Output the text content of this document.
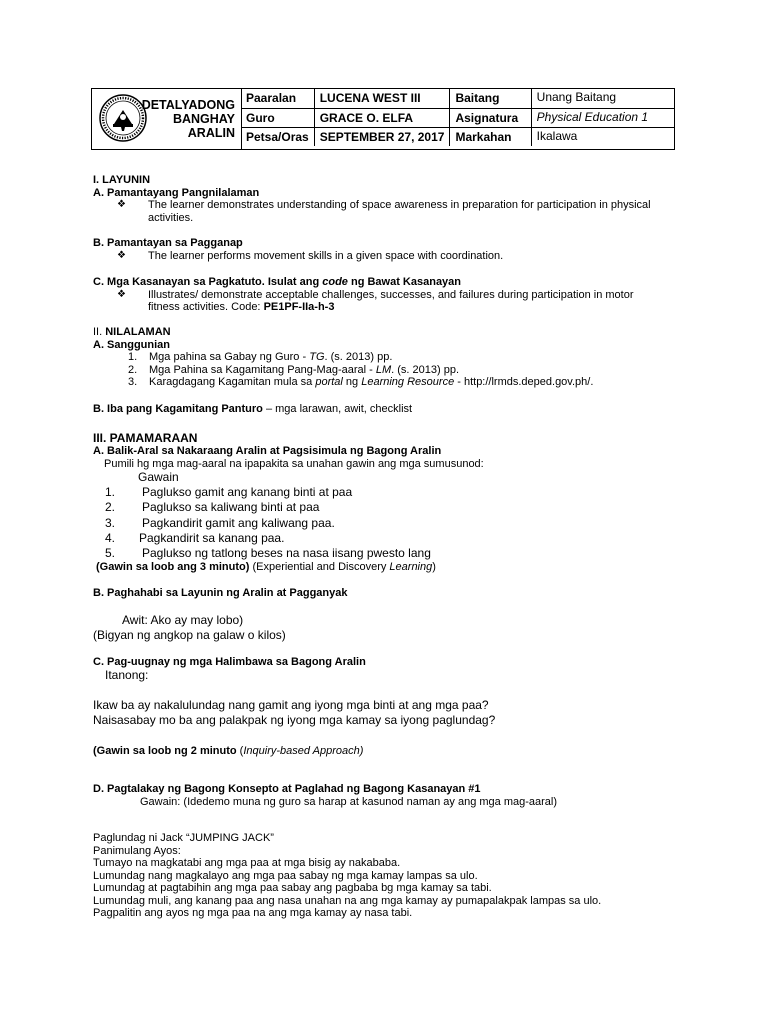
DETALYADONG
BANGHAY
ARALIN
Paaralan	LUCENA WEST III	Baitang	Unang Baitang
Guro	GRACE O. ELFA	Asignatura	Physical Education 1
Petsa/Oras	SEPTEMBER 27, 2017	Markahan	Ikalawa

I. LAYUNIN

A. Pamantayang Pangnilalaman

❖ The learner demonstrates understanding of space awareness in preparation for participation in physical

activities.

B. Pamantayan sa Pagganap

❖ The learner performs movement skills in a given space with coordination.

C. Mga Kasanayan sa Pagkatuto. Isulat ang code ng Bawat Kasanayan

❖ Illustrates/ demonstrate acceptable challenges, successes, and failures during participation in motor

fitness activities. Code: PE1PF-IIa-h-3

II. NILALAMAN

A. Sanggunian

1. Mga pahina sa Gabay ng Guro - TG. (s. 2013) pp.
2. Mga Pahina sa Kagamitang Pang-Mag-aaral - LM. (s. 2013) pp.
3. Karagdagang Kagamitan mula sa portal ng Learning Resource - http://lrmds.deped.gov.ph/.

B. Iba pang Kagamitang Panturo – mga larawan, awit, checklist

III. PAMAMARAAN

A. Balik-Aral sa Nakaraang Aralin at Pagsisimula ng Bagong Aralin

Pumili hg mga mag-aaral na ipapakita sa unahan gawin ang mga sumusunod:

Gawain

1. Paglukso gamit ang kanang binti at paa
2. Paglukso sa kaliwang binti at paa
3. Pagkandirit gamit ang kaliwang paa.
4. Pagkandirit sa kanang paa.
5. Paglukso ng tatlong beses na nasa iisang pwesto lang

(Gawin sa loob ang 3 minuto) (Experiential and Discovery Learning)

B. Paghahabi sa Layunin ng Aralin at Pagganyak

Awit: Ako ay may lobo)

(Bigyan ng angkop na galaw o kilos)

C. Pag-uugnay ng mga Halimbawa sa Bagong Aralin

Itanong:

Ikaw ba ay nakalulundag nang gamit ang iyong mga binti at ang mga paa?

Naisasabay mo ba ang palakpak ng iyong mga kamay sa iyong paglundag?

(Gawin sa loob ng 2 minuto (Inquiry-based Approach)

D. Pagtalakay ng Bagong Konsepto at Paglahad ng Bagong Kasanayan #1

Gawain: (Idedemo muna ng guro sa harap at kasunod naman ay ang mga mag-aaral)

Paglundag ni Jack “JUMPING JACK”

Panimulang Ayos:

Tumayo na magkatabi ang mga paa at mga bisig ay nakababa.

Lumundag nang magkalayo ang mga paa sabay ng mga kamay lampas sa ulo.

Lumundag at pagtabihin ang mga paa sabay ang pagbaba bg mga kamay sa tabi.

Lumundag muli, ang kanang paa ang nasa unahan na ang mga kamay ay pumapalakpak lampas sa ulo.

Pagpalitin ang ayos ng mga paa na ang mga kamay ay nasa tabi.
